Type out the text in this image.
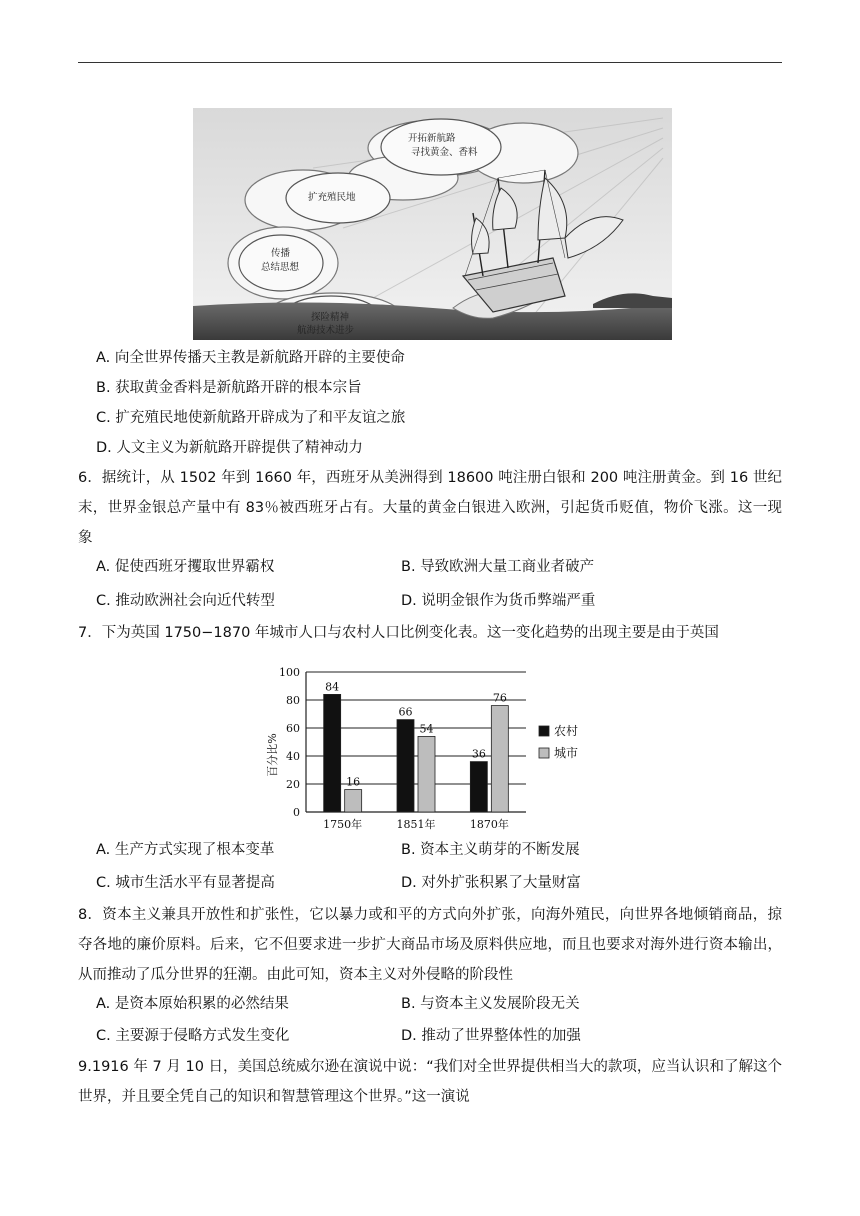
开拓新航路
寻找黄金、香料
扩充殖民地
传播
总结思想
探险精神
航海技术进步
A. 向全世界传播天主教是新航路开辟的主要使命
B. 获取黄金香料是新航路开辟的根本宗旨
C. 扩充殖民地使新航路开辟成为了和平友谊之旅
D. 人文主义为新航路开辟提供了精神动力
6．据统计，从 1502 年到 1660 年，西班牙从美洲得到 18600 吨注册白银和 200 吨注册黄金。到 16 世纪末，世界金银总产量中有 83％被西班牙占有。大量的黄金白银进入欧洲，引起货币贬值，物价飞涨。这一现象
A. 促使西班牙攫取世界霸权	B. 导致欧洲大量工商业者破产
C. 推动欧洲社会向近代转型	D. 说明金银作为货币弊端严重
7．下为英国 1750−1870 年城市人口与农村人口比例变化表。这一变化趋势的出现主要是由于英国
0
20
40
60
80
100
84
16
66
54
36
76
1750年	1851年	1870年
百分比%
农村
城市
A. 生产方式实现了根本变革	B. 资本主义萌芽的不断发展
C. 城市生活水平有显著提高	D. 对外扩张积累了大量财富
8．资本主义兼具开放性和扩张性，它以暴力或和平的方式向外扩张，向海外殖民，向世界各地倾销商品，掠夺各地的廉价原料。后来，它不但要求进一步扩大商品市场及原料供应地，而且也要求对海外进行资本输出，从而推动了瓜分世界的狂潮。由此可知，资本主义对外侵略的阶段性
A. 是资本原始积累的必然结果	B. 与资本主义发展阶段无关
C. 主要源于侵略方式发生变化	D. 推动了世界整体性的加强
9.1916 年 7 月 10 日，美国总统威尔逊在演说中说：“我们对全世界提供相当大的款项，应当认识和了解这个世界，并且要全凭自己的知识和智慧管理这个世界。”这一演说
